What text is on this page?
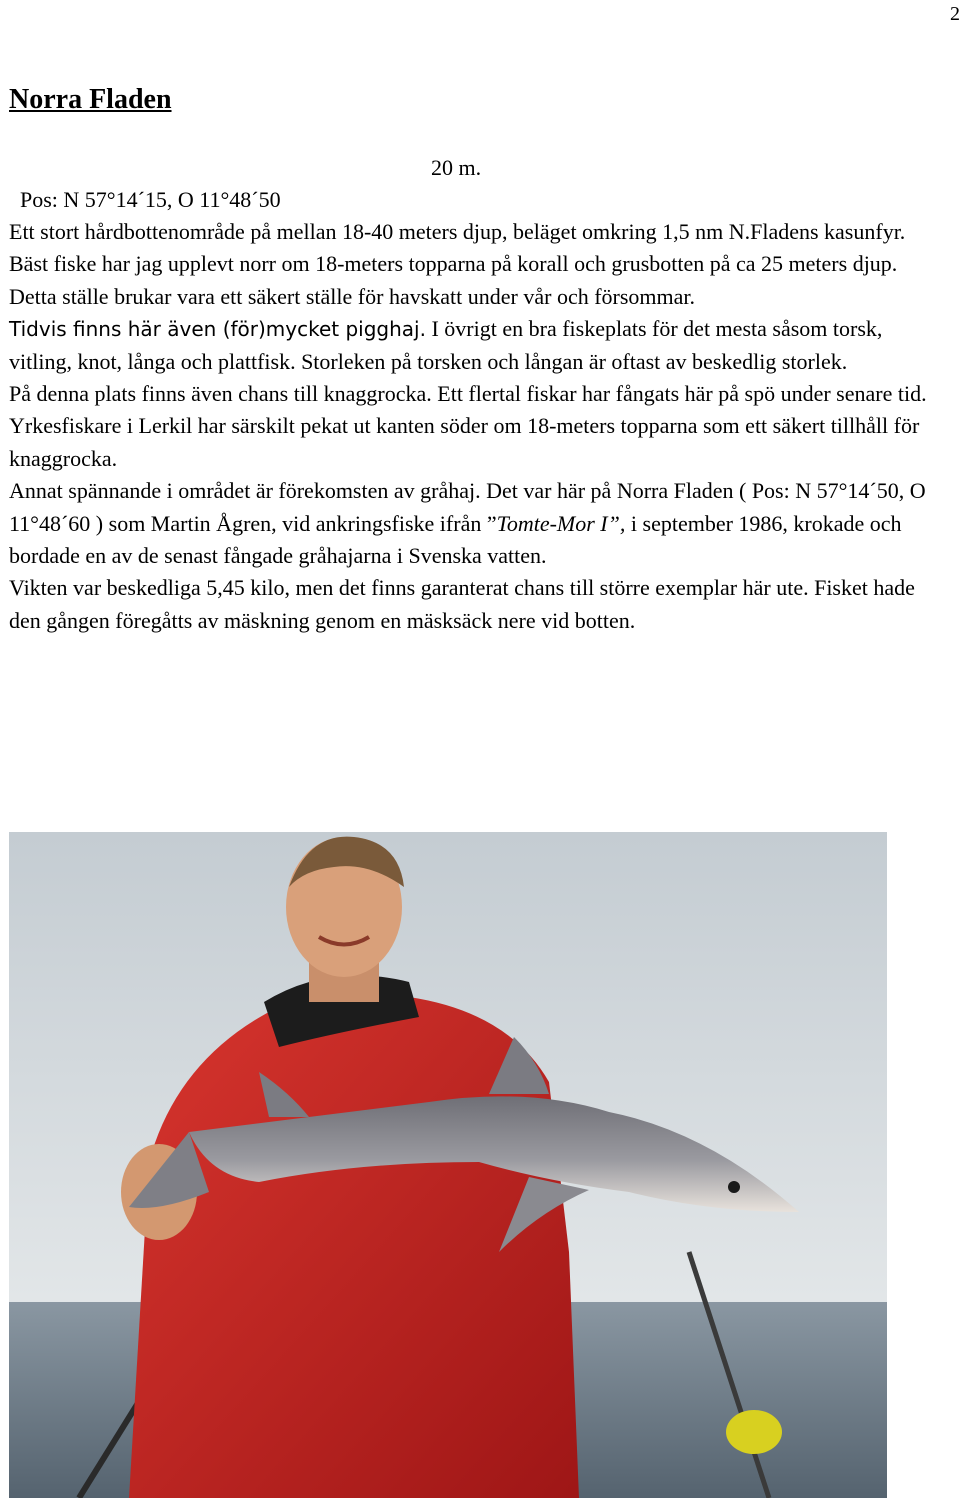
2
Norra Fladen

Pos: N 57°14´15, O 11°48´50

20 m.

Ett stort hårdbottenområde på mellan 18-40 meters djup, beläget omkring 1,5 nm N.Fladens kasunfyr.

Bäst fiske har jag upplevt norr om 18-meters topparna på korall och grusbotten på ca 25 meters djup. Detta ställe brukar vara ett säkert ställe för havskatt under vår och försommar.

Tidvis finns här även (för)mycket pigghaj. I övrigt en bra fiskeplats för det mesta såsom torsk, vitling, knot, långa och plattfisk. Storleken på torsken och långan är oftast av beskedlig storlek.

På denna plats finns även chans till knaggrocka. Ett flertal fiskar har fångats här på spö under senare tid. Yrkesfiskare i Lerkil har särskilt pekat ut kanten söder om 18-meters topparna som ett säkert tillhåll för knaggrocka.

Annat spännande i området är förekomsten av gråhaj. Det var här på Norra Fladen ( Pos: N 57°14´50, O 11°48´60 ) som Martin Ågren, vid ankringsfiske ifrån ”Tomte-Mor I”, i september 1986, krokade och bordade en av de senast fångade gråhajarna i Svenska vatten.

Vikten var beskedliga 5,45 kilo, men det finns garanterat chans till större exemplar här ute. Fisket hade den gången föregåtts av mäskning genom en mäsksäck nere vid botten.
